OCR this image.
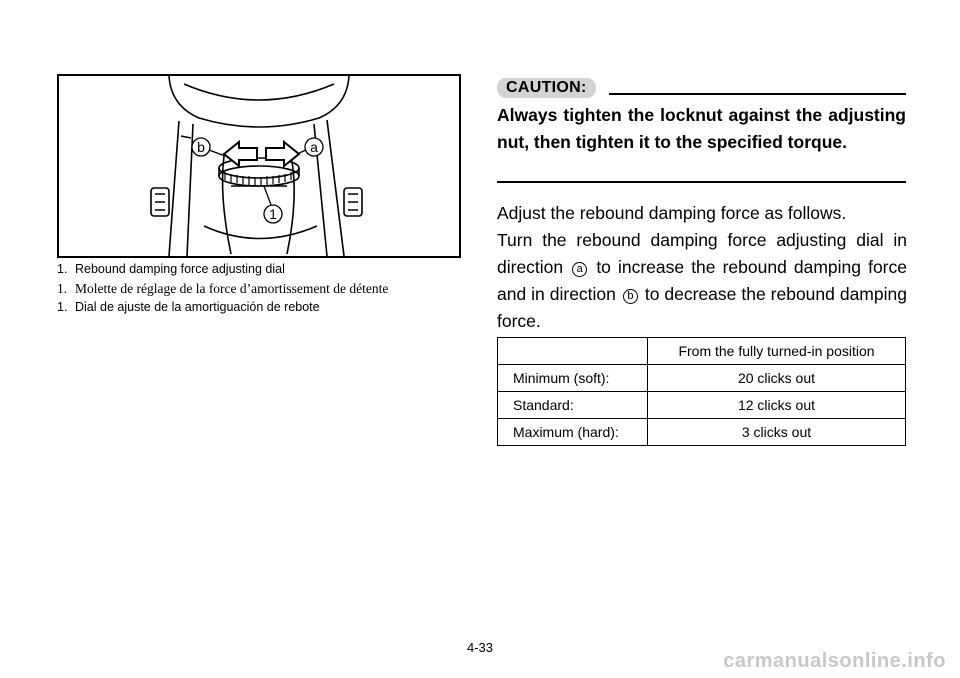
b	a
1
1. Rebound damping force adjusting dial
1. Molette de réglage de la force d’amortissement de détente
1. Dial de ajuste de la amortiguación de rebote
CAUTION:
Always tighten the locknut against the adjusting nut, then tighten it to the specified torque.

Adjust the rebound damping force as follows.

Turn the rebound damping force adjusting dial in direction a to increase the rebound damping force and in direction b to decrease the rebound damping force.

	From the fully turned-in position
Minimum (soft):	20 clicks out
Standard:	12 clicks out
Maximum (hard):	3 clicks out
4-33
carmanualsonline.info
